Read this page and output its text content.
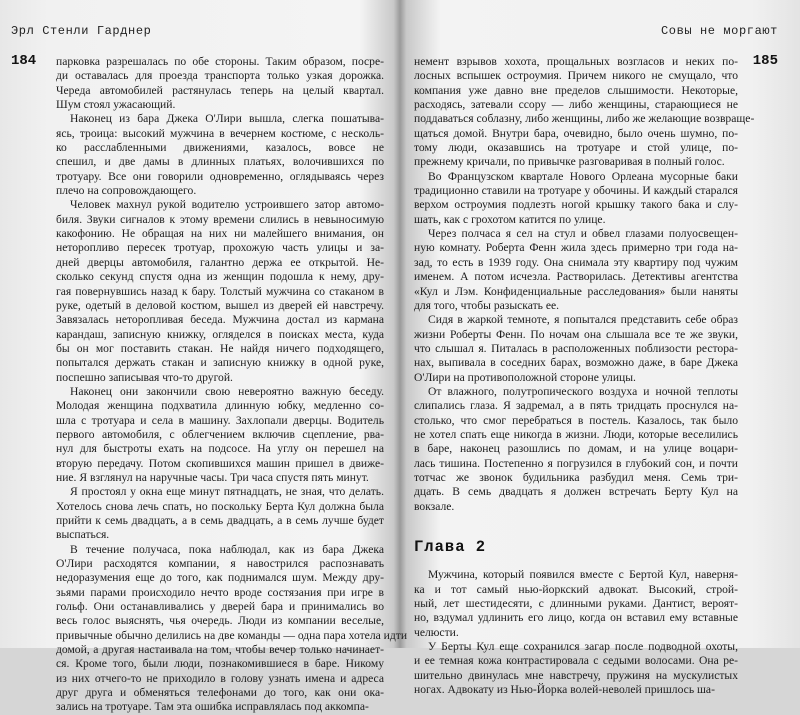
Эрл Стенли Гарднер
184 парковка разрешалась по обе стороны. Таким образом, посре-
ди оставалась для проезда транспорта только узкая дорожка.
Череда автомобилей растянулась теперь на целый квартал.
Шум стоял ужасающий.
Наконец из бара Джека О'Лири вышла, слегка пошатыва-
ясь, троица: высокий мужчина в вечернем костюме, с несколь-
ко расслабленными движениями, казалось, вовсе не
спешил, и две дамы в длинных платьях, волочившихся по
тротуару. Все они говорили одновременно, оглядываясь через
плечо на сопровождающего.
Человек махнул рукой водителю устроившего затор автомо-
биля. Звуки сигналов к этому времени слились в невыносимую
какофонию. Не обращая на них ни малейшего внимания, он
неторопливо пересек тротуар, прохожую часть улицы и за-
дней дверцы автомобиля, галантно держа ее открытой. Не-
сколько секунд спустя одна из женщин подошла к нему, дру-
гая повернувшись назад к бару. Толстый мужчина со стаканом в
руке, одетый в деловой костюм, вышел из дверей ей навстречу.
Завязалась неторопливая беседа. Мужчина достал из кармана
карандаш, записную книжку, огляделся в поисках места, куда
бы он мог поставить стакан. Не найдя ничего подходящего,
попытался держать стакан и записную книжку в одной руке,
поспешно записывая что-то другой.
Наконец они закончили свою невероятно важную беседу.
Молодая женщина подхватила длинную юбку, медленно со-
шла с тротуара и села в машину. Захлопали дверцы. Водитель
первого автомобиля, с облегчением включив сцепление, рва-
нул для быстроты ехать на подсосе. На углу он перешел на
вторую передачу. Потом скопившихся машин пришел в движе-
ние. Я взглянул на наручные часы. Три часа спустя пять минут.
Я простоял у окна еще минут пятнадцать, не зная, что делать.
Хотелось снова лечь спать, но поскольку Берта Кул должна была
прийти к семь двадцать, а в семь двадцать, а в семь лучше будет
выспаться.
В течение получаса, пока наблюдал, как из бара Джека
О'Лири расходятся компании, я навострился распознавать
недоразумения еще до того, как поднимался шум. Между дру-
зьями парами происходило нечто вроде состязания при игре в
гольф. Они останавливались у дверей бара и принимались во
весь голос выяснять, чья очередь. Люди из компании веселые,
привычные обычно делились на две команды — одна пара хотела идти
домой, а другая настаивала на том, чтобы вечер только начинает-
ся. Кроме того, были люди, познакомившиеся в баре. Никому
из них отчего-то не приходило в голову узнать имена и адреса
друг друга и обменяться телефонами до того, как они ока-
зались на тротуаре. Там эта ошибка исправлялась под аккомпа-
Совы не моргают
185
немент взрывов хохота, прощальных возгласов и неких по-
лосных вспышек остроумия. Причем никого не смущало, что
компания уже давно вне пределов слышимости. Некоторые,
расходясь, затевали ссору — либо женщины, старающиеся не
поддаваться соблазну, либо женщины, либо же желающие возвраще-
щаться домой. Внутри бара, очевидно, было очень шумно, по-
тому люди, оказавшись на тротуаре и стой улице, по-
прежнему кричали, по привычке разговаривая в полный голос.
Во Французском квартале Нового Орлеана мусорные баки
традиционно ставили на тротуаре у обочины. И каждый старался
верхом остроумия подлезть ногой крышку такого бака и слу-
шать, как с грохотом катится по улице.
Через полчаса я сел на стул и обвел глазами полуосвещен-
ную комнату. Роберта Фенн жила здесь примерно три года на-
зад, то есть в 1939 году. Она снимала эту квартиру под чужим
именем. А потом исчезла. Растворилась. Детективы агентства
«Кул и Лэм. Конфиденциальные расследования» были наняты
для того, чтобы разыскать ее.
Сидя в жаркой темноте, я попытался представить себе образ
жизни Роберты Фенн. По ночам она слышала все те же звуки,
что слышал я. Питалась в расположенных поблизости рестора-
нах, выпивала в соседних барах, возможно даже, в баре Джека
О'Лири на противоположной стороне улицы.
От влажного, полутропического воздуха и ночной теплоты
слипались глаза. Я задремал, а в пять тридцать проснулся на-
столько, что смог перебраться в постель. Казалось, так было
не хотел спать еще никогда в жизни. Люди, которые веселились
в баре, наконец разошлись по домам, и на улице воцари-
лась тишина. Постепенно я погрузился в глубокий сон, и почти
тотчас же звонок будильника разбудил меня. Семь три-
дцать. В семь двадцать я должен встречать Берту Кул на
вокзале.
Глава 2
Мужчина, который появился вместе с Бертой Кул, наверня-
ка и тот самый нью-йоркский адвокат. Высокий, строй-
ный, лет шестидесяти, с длинными руками. Дантист, вероят-
но, вздумал удлинить его лицо, когда он вставил ему вставные
челюсти.
У Берты Кул еще сохранился загар после подводной охоты,
и ее темная кожа контрастировала с седыми волосами. Она ре-
шительно двинулась мне навстречу, пружиня на мускулистых
ногах. Адвокату из Нью-Йорка волей-неволей пришлось ша-
